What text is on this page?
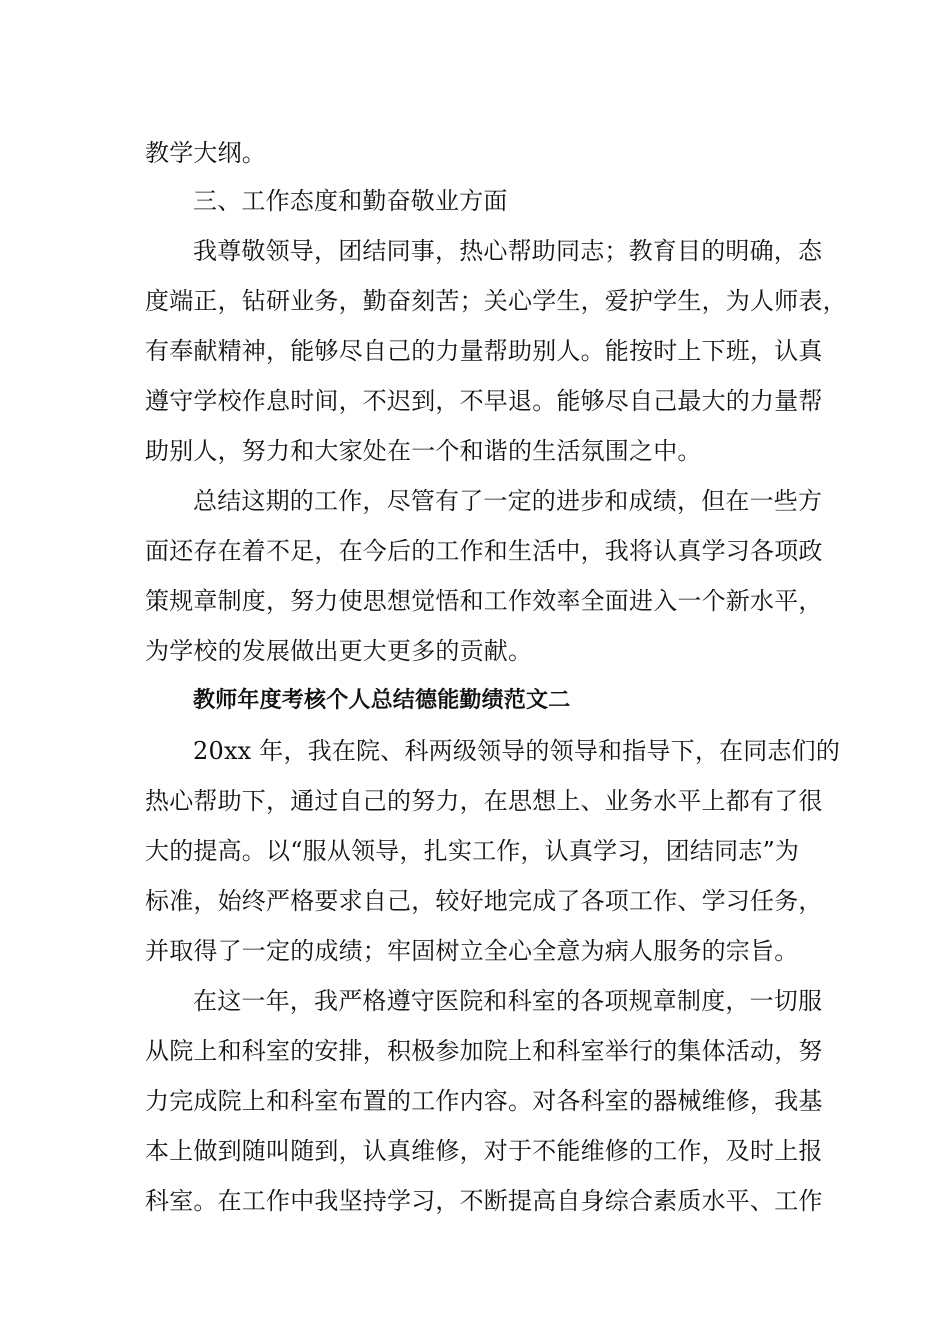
教学大纲。
三、工作态度和勤奋敬业方面
我尊敬领导，团结同事，热心帮助同志；教育目的明确，态
度端正，钻研业务，勤奋刻苦；关心学生，爱护学生，为人师表，
有奉献精神，能够尽自己的力量帮助别人。能按时上下班，认真
遵守学校作息时间，不迟到，不早退。能够尽自己最大的力量帮
助别人，努力和大家处在一个和谐的生活氛围之中。
总结这期的工作，尽管有了一定的进步和成绩，但在一些方
面还存在着不足，在今后的工作和生活中，我将认真学习各项政
策规章制度，努力使思想觉悟和工作效率全面进入一个新水平，
为学校的发展做出更大更多的贡献。
教师年度考核个人总结德能勤绩范文二
20xx 年，我在院、科两级领导的领导和指导下，在同志们的
热心帮助下，通过自己的努力，在思想上、业务水平上都有了很
大的提高。以“服从领导，扎实工作，认真学习，团结同志”为
标准，始终严格要求自己，较好地完成了各项工作、学习任务，
并取得了一定的成绩；牢固树立全心全意为病人服务的宗旨。
在这一年，我严格遵守医院和科室的各项规章制度，一切服
从院上和科室的安排，积极参加院上和科室举行的集体活动，努
力完成院上和科室布置的工作内容。对各科室的器械维修，我基
本上做到随叫随到，认真维修，对于不能维修的工作，及时上报
科室。在工作中我坚持学习，不断提高自身综合素质水平、工作
